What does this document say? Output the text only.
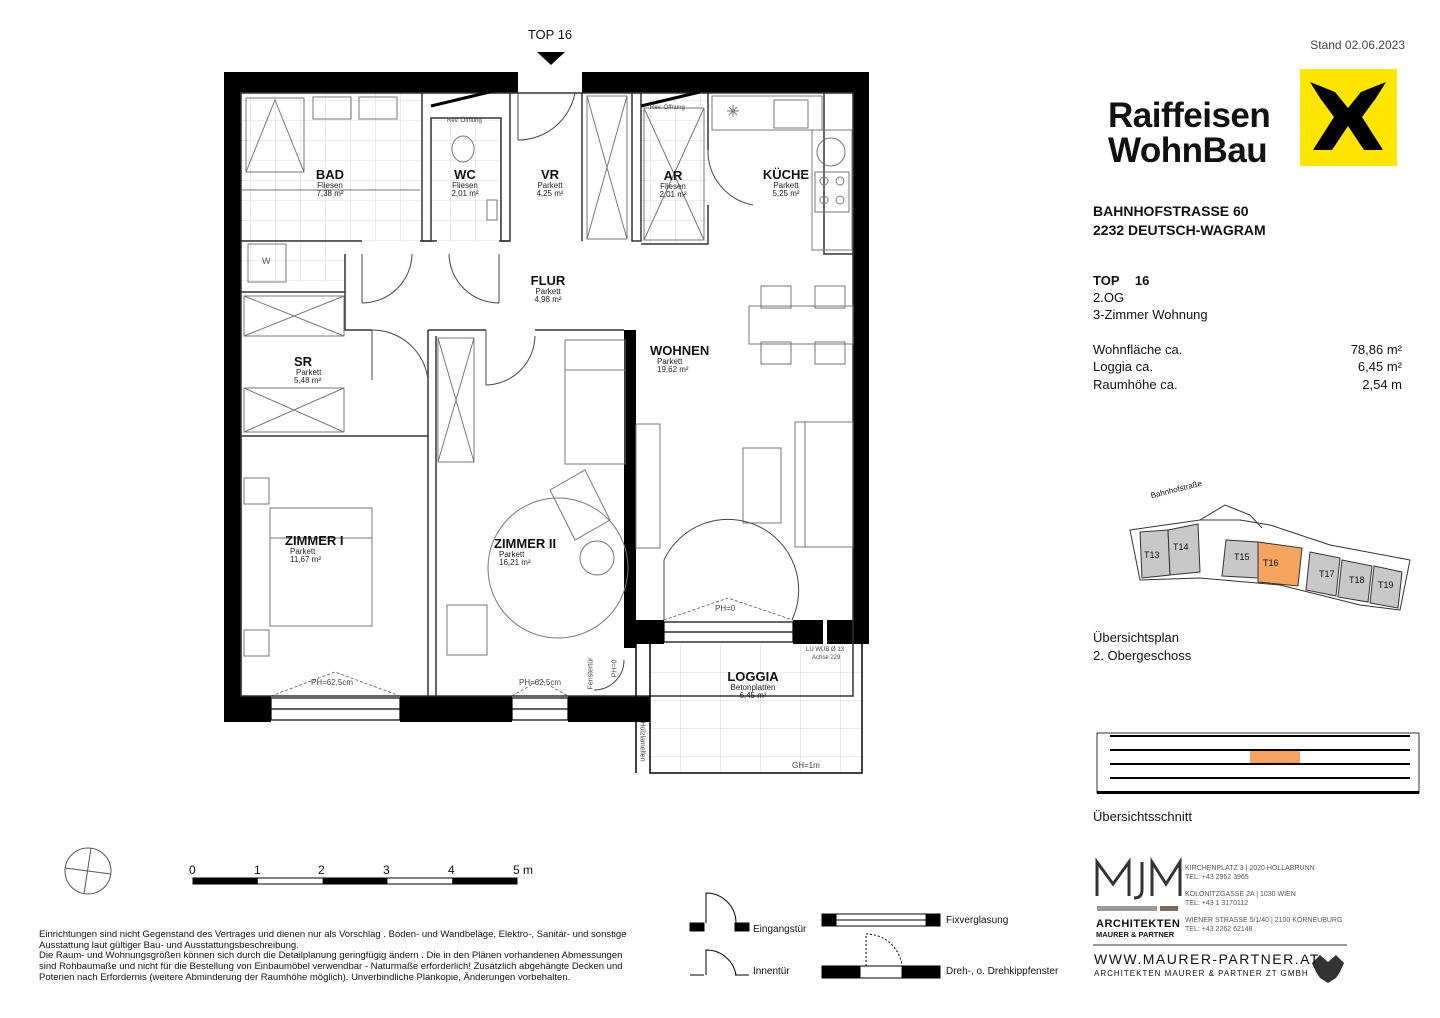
TOP 16
Stand 02.06.2023
BAD
Fliesen
7,38 m²
WC
Fliesen
2,01 m²
VR
Parkett
4,25 m²
AR
Fliesen
2,01 m²
KÜCHE
Parkett
5,25 m²
FLUR
Parkett
4,98 m²
WOHNEN
Parkett
19,62 m²
SR
Parkett
5,48 m²
ZIMMER I
Parkett
11,67 m²
ZIMMER II
Parkett
16,21 m²
LOGGIA
Betonplatten
6,45 m²
Rev. Öffnung
Rev. Öffnung
W
PH=0
PH=62,5cm	PH=62,5cm	Fenstertür PH=0
LÜ WÜB Ø 13
Achse 229
GH=1m
Holzlamellen
0	1	2	3	4	5 m
Einrichtungen sind nicht Gegenstand des Vertrages und dienen nur als Vorschlag . Boden- und Wandbeläge, Elektro-, Sanitär- und sonstige
Ausstattung laut gültiger Bau- und Ausstattungsbeschreibung.
Die Raum- und Wohnungsgrößen können sich durch die Detailplanung geringfügig ändern . Die in den Plänen vorhandenen Abmessungen
sind Rohbaumaße und nicht für die Bestellung von Einbaumöbel verwendbar - Naturmaße erforderlich! Zusätzlich abgehängte Decken und
Poterien nach Erfordernis (weitere Abminderung der Raumhöhe möglich). Unverbindliche Plankopie, Änderungen vorbehalten.
Eingangstür
Innentür
Fixverglasung
Dreh-, o. Drehkippfenster
Raiffeisen
WohnBau
BAHNHOFSTRASSE 60
2232 DEUTSCH-WAGRAM
TOP 16
2.OG
3-Zimmer Wohnung
Wohnfläche ca.	78,86 m²
Loggia ca.	6,45 m²
Raumhöhe ca.	2,54 m
Bahnhofstraße
T13
T14
T15
T16
T17
T18 T19
Übersichtsplan
2. Obergeschoss
Übersichtsschnitt
ARCHITEKTEN
MAURER & PARTNER
KIRCHENPLATZ 3 | 2020 HOLLABRUNN
TEL: +43 2952 3965
KOLONITZGASSE 2A | 1030 WIEN
TEL: +43 1 3170112
WIENER STRASSE 5/1/40 | 2100 KORNEUBURG
TEL: +43 2262 62148
WWW.MAURER-PARTNER.AT
ARCHITEKTEN MAURER & PARTNER ZT GMBH
